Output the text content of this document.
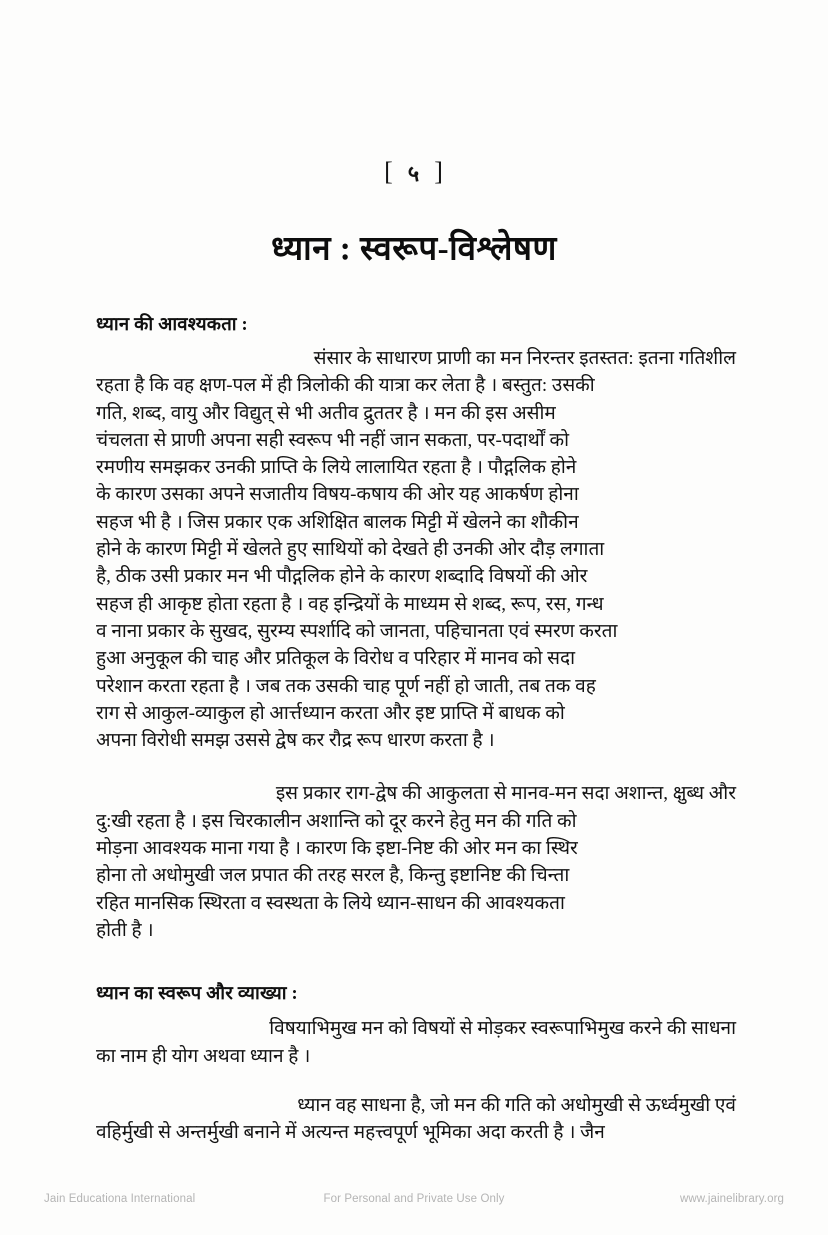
[ ५ ]
ध्यान : स्वरूप-विश्लेषण
ध्यान की आवश्यकता :

संसार के साधारण प्राणी का मन निरन्तर इतस्तत: इतना गतिशील
रहता है कि वह क्षण-पल में ही त्रिलोकी की यात्रा कर लेता है । बस्तुत: उसकी
गति, शब्द, वायु और विद्युत् से भी अतीव द्रुततर है । मन की इस असीम
चंचलता से प्राणी अपना सही स्वरूप भी नहीं जान सकता, पर-पदार्थों को
रमणीय समझकर उनकी प्राप्ति के लिये लालायित रहता है । पौद्गलिक होने
के कारण उसका अपने सजातीय विषय-कषाय की ओर यह आकर्षण होना
सहज भी है । जिस प्रकार एक अशिक्षित बालक मिट्टी में खेलने का शौकीन
होने के कारण मिट्टी में खेलते हुए साथियों को देखते ही उनकी ओर दौड़ लगाता
है, ठीक उसी प्रकार मन भी पौद्गलिक होने के कारण शब्दादि विषयों की ओर
सहज ही आकृष्ट होता रहता है । वह इन्द्रियों के माध्यम से शब्द, रूप, रस, गन्ध
व नाना प्रकार के सुखद, सुरम्य स्पर्शादि को जानता, पहिचानता एवं स्मरण करता
हुआ अनुकूल की चाह और प्रतिकूल के विरोध व परिहार में मानव को सदा
परेशान करता रहता है । जब तक उसकी चाह पूर्ण नहीं हो जाती, तब तक वह
राग से आकुल-व्याकुल हो आर्त्तध्यान करता और इष्ट प्राप्ति में बाधक को
अपना विरोधी समझ उससे द्वेष कर रौद्र रूप धारण करता है ।

इस प्रकार राग-द्वेष की आकुलता से मानव-मन सदा अशान्त, क्षुब्ध और
दु:खी रहता है । इस चिरकालीन अशान्ति को दूर करने हेतु मन की गति को
मोड़ना आवश्यक माना गया है । कारण कि इष्टा-निष्ट की ओर मन का स्थिर
होना तो अधोमुखी जल प्रपात की तरह सरल है, किन्तु इष्टानिष्ट की चिन्ता
रहित मानसिक स्थिरता व स्वस्थता के लिये ध्यान-साधन की आवश्यकता
होती है ।

ध्यान का स्वरूप और व्याख्या :

विषयाभिमुख मन को विषयों से मोड़कर स्वरूपाभिमुख करने की साधना
का नाम ही योग अथवा ध्यान है ।

ध्यान वह साधना है, जो मन की गति को अधोमुखी से ऊर्ध्वमुखी एवं
वहिर्मुखी से अन्तर्मुखी बनाने में अत्यन्त महत्त्वपूर्ण भूमिका अदा करती है । जैन

Jain Educationa International	For Personal and Private Use Only	www.jainelibrary.org
